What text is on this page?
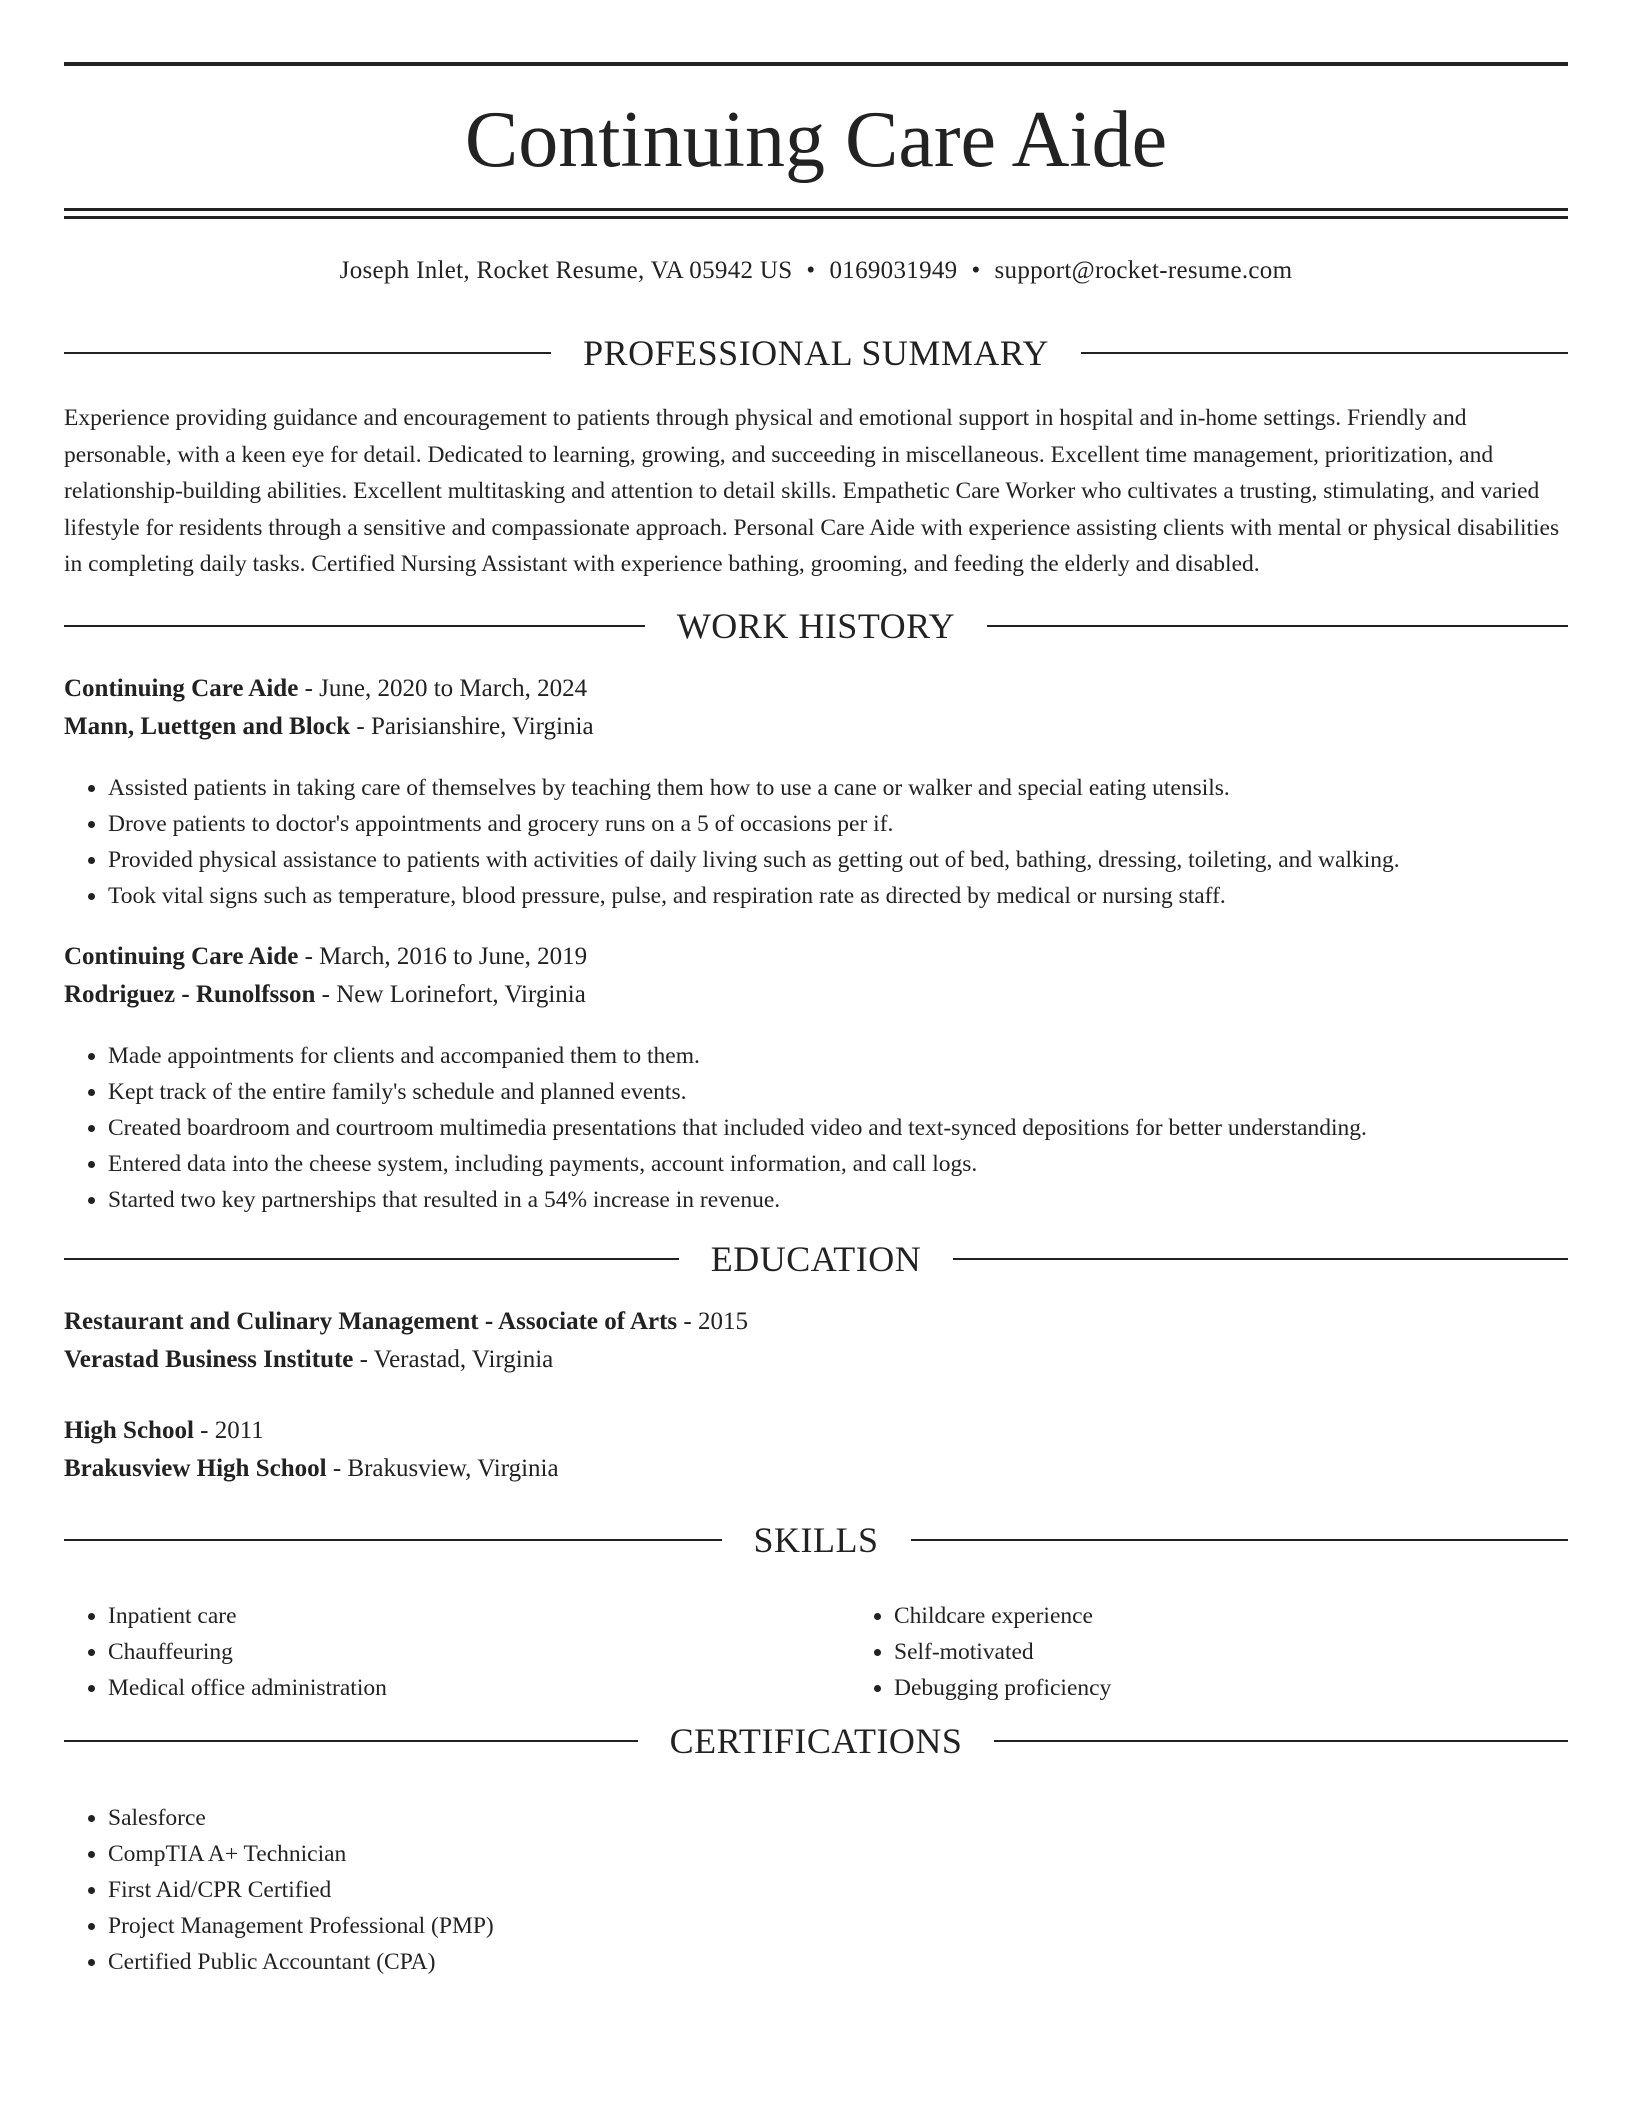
Continuing Care Aide
Joseph Inlet, Rocket Resume, VA 05942 US • 0169031949 • support@rocket-resume.com
PROFESSIONAL SUMMARY

Experience providing guidance and encouragement to patients through physical and emotional support in hospital and in-home settings. Friendly and personable, with a keen eye for detail. Dedicated to learning, growing, and succeeding in miscellaneous. Excellent time management, prioritization, and relationship-building abilities. Excellent multitasking and attention to detail skills. Empathetic Care Worker who cultivates a trusting, stimulating, and varied lifestyle for residents through a sensitive and compassionate approach. Personal Care Aide with experience assisting clients with mental or physical disabilities in completing daily tasks. Certified Nursing Assistant with experience bathing, grooming, and feeding the elderly and disabled.

WORK HISTORY
Continuing Care Aide - June, 2020 to March, 2024
Mann, Luettgen and Block - Parisianshire, Virginia
• Assisted patients in taking care of themselves by teaching them how to use a cane or walker and special eating utensils.
• Drove patients to doctor's appointments and grocery runs on a 5 of occasions per if.
• Provided physical assistance to patients with activities of daily living such as getting out of bed, bathing, dressing, toileting, and walking.
• Took vital signs such as temperature, blood pressure, pulse, and respiration rate as directed by medical or nursing staff.
Continuing Care Aide - March, 2016 to June, 2019
Rodriguez - Runolfsson - New Lorinefort, Virginia
• Made appointments for clients and accompanied them to them.
• Kept track of the entire family's schedule and planned events.
• Created boardroom and courtroom multimedia presentations that included video and text-synced depositions for better understanding.
• Entered data into the cheese system, including payments, account information, and call logs.
• Started two key partnerships that resulted in a 54% increase in revenue.
EDUCATION
Restaurant and Culinary Management - Associate of Arts - 2015
Verastad Business Institute - Verastad, Virginia
High School - 2011
Brakusview High School - Brakusview, Virginia
SKILLS
• Inpatient care
• Chauffeuring
• Medical office administration
• Childcare experience
• Self-motivated
• Debugging proficiency
CERTIFICATIONS
• Salesforce
• CompTIA A+ Technician
• First Aid/CPR Certified
• Project Management Professional (PMP)
• Certified Public Accountant (CPA)
